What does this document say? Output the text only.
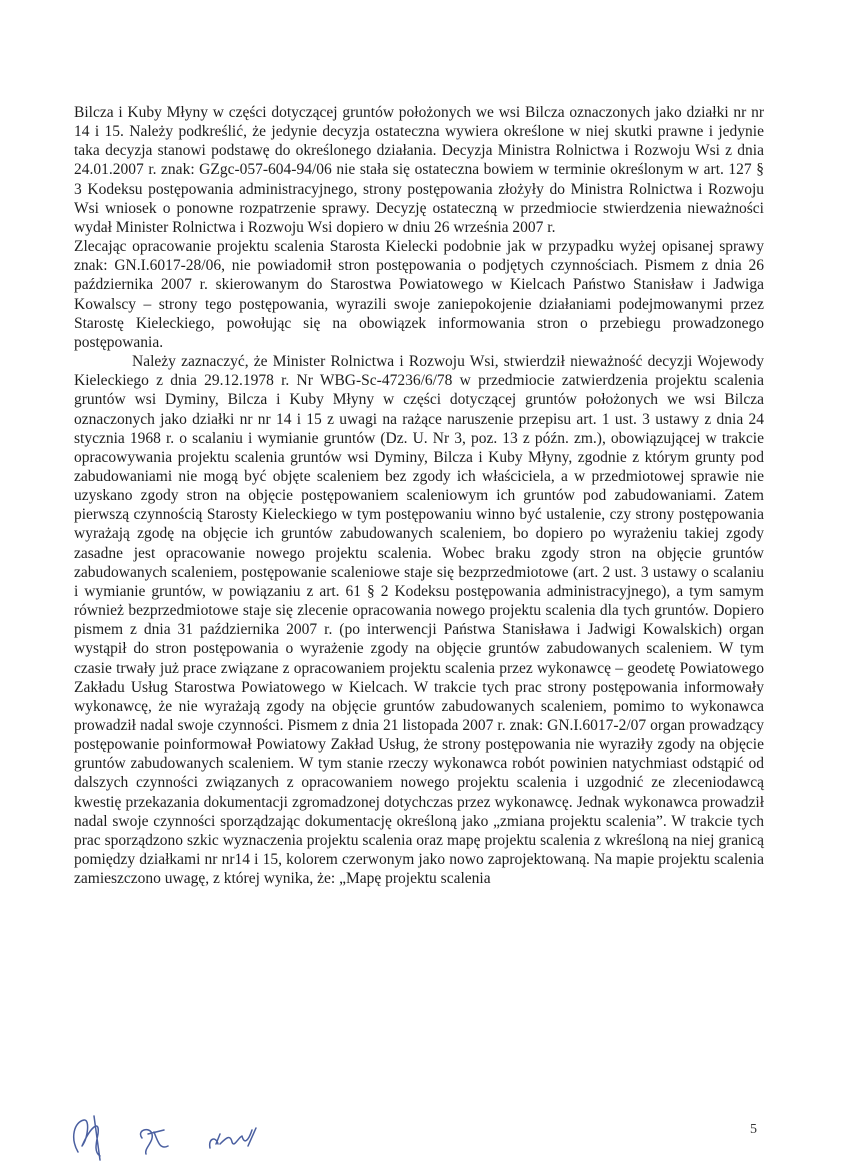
Bilcza i Kuby Młyny w części dotyczącej gruntów położonych we wsi Bilcza oznaczonych jako działki nr nr 14 i 15. Należy podkreślić, że jedynie decyzja ostateczna wywiera określone w niej skutki prawne i jedynie taka decyzja stanowi podstawę do określonego działania. Decyzja Ministra Rolnictwa i Rozwoju Wsi z dnia 24.01.2007 r. znak: GZgc-057-604-94/06 nie stała się ostateczna bowiem w terminie określonym w art. 127 § 3 Kodeksu postępowania administracyjnego, strony postępowania złożyły do Ministra Rolnictwa i Rozwoju Wsi wniosek o ponowne rozpatrzenie sprawy. Decyzję ostateczną w przedmiocie stwierdzenia nieważności wydał Minister Rolnictwa i Rozwoju Wsi dopiero w dniu 26 września 2007 r.

Zlecając opracowanie projektu scalenia Starosta Kielecki podobnie jak w przypadku wyżej opisanej sprawy znak: GN.I.6017-28/06, nie powiadomił stron postępowania o podjętych czynnościach. Pismem z dnia 26 października 2007 r. skierowanym do Starostwa Powiatowego w Kielcach Państwo Stanisław i Jadwiga Kowalscy – strony tego postępowania, wyrazili swoje zaniepokojenie działaniami podejmowanymi przez Starostę Kieleckiego, powołując się na obowiązek informowania stron o przebiegu prowadzonego postępowania.

Należy zaznaczyć, że Minister Rolnictwa i Rozwoju Wsi, stwierdził nieważność decyzji Wojewody Kieleckiego z dnia 29.12.1978 r. Nr WBG-Sc-47236/6/78 w przedmiocie zatwierdzenia projektu scalenia gruntów wsi Dyminy, Bilcza i Kuby Młyny w części dotyczącej gruntów położonych we wsi Bilcza oznaczonych jako działki nr nr 14 i 15 z uwagi na rażące naruszenie przepisu art. 1 ust. 3 ustawy z dnia 24 stycznia 1968 r. o scalaniu i wymianie gruntów (Dz. U. Nr 3, poz. 13 z późn. zm.), obowiązującej w trakcie opracowywania projektu scalenia gruntów wsi Dyminy, Bilcza i Kuby Młyny, zgodnie z którym grunty pod zabudowaniami nie mogą być objęte scaleniem bez zgody ich właściciela, a w przedmiotowej sprawie nie uzyskano zgody stron na objęcie postępowaniem scaleniowym ich gruntów pod zabudowaniami. Zatem pierwszą czynnością Starosty Kieleckiego w tym postępowaniu winno być ustalenie, czy strony postępowania wyrażają zgodę na objęcie ich gruntów zabudowanych scaleniem, bo dopiero po wyrażeniu takiej zgody zasadne jest opracowanie nowego projektu scalenia. Wobec braku zgody stron na objęcie gruntów zabudowanych scaleniem, postępowanie scaleniowe staje się bezprzedmiotowe (art. 2 ust. 3 ustawy o scalaniu i wymianie gruntów, w powiązaniu z art. 61 § 2 Kodeksu postępowania administracyjnego), a tym samym również bezprzedmiotowe staje się zlecenie opracowania nowego projektu scalenia dla tych gruntów. Dopiero pismem z dnia 31 października 2007 r. (po interwencji Państwa Stanisława i Jadwigi Kowalskich) organ wystąpił do stron postępowania o wyrażenie zgody na objęcie gruntów zabudowanych scaleniem. W tym czasie trwały już prace związane z opracowaniem projektu scalenia przez wykonawcę – geodetę Powiatowego Zakładu Usług Starostwa Powiatowego w Kielcach. W trakcie tych prac strony postępowania informowały wykonawcę, że nie wyrażają zgody na objęcie gruntów zabudowanych scaleniem, pomimo to wykonawca prowadził nadal swoje czynności. Pismem z dnia 21 listopada 2007 r. znak: GN.I.6017-2/07 organ prowadzący postępowanie poinformował Powiatowy Zakład Usług, że strony postępowania nie wyraziły zgody na objęcie gruntów zabudowanych scaleniem. W tym stanie rzeczy wykonawca robót powinien natychmiast odstąpić od dalszych czynności związanych z opracowaniem nowego projektu scalenia i uzgodnić ze zleceniodawcą kwestię przekazania dokumentacji zgromadzonej dotychczas przez wykonawcę. Jednak wykonawca prowadził nadal swoje czynności sporządzając dokumentację określoną jako „zmiana projektu scalenia”. W trakcie tych prac sporządzono szkic wyznaczenia projektu scalenia oraz mapę projektu scalenia z wkreśloną na niej granicą pomiędzy działkami nr nr14 i 15, kolorem czerwonym jako nowo zaprojektowaną. Na mapie projektu scalenia zamieszczono uwagę, z której wynika, że: „Mapę projektu scalenia

5
